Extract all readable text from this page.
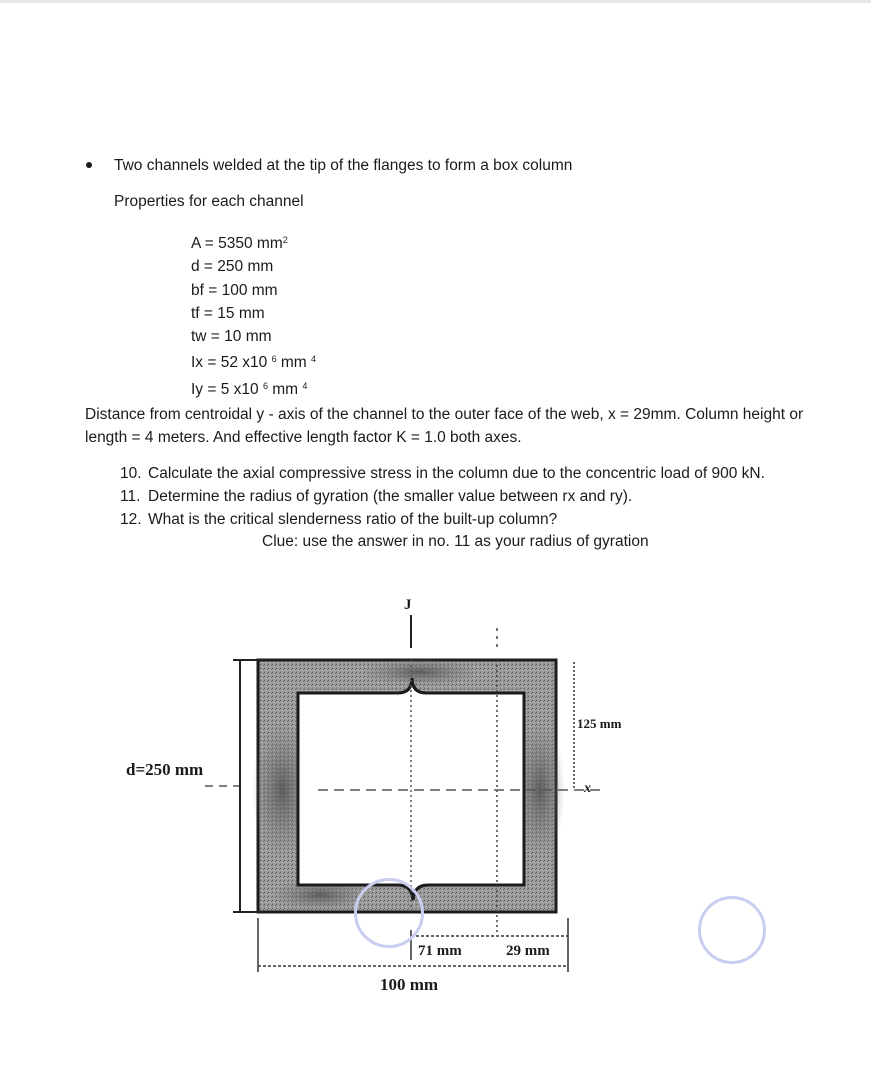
Two channels welded at the tip of the flanges to form a box column
Properties for each channel
A = 5350 $mm^2$
d = 250 mm
bf = 100 mm
tf = 15 mm
tw = 10 mm
Ix = 52 x10 $^6$ mm $^4$
Iy = 5 x10 $^6$ mm $^4$
Distance from centroidal y - axis of the channel to the outer face of the web, x = 29mm. Column height or length = 4 meters. And effective length factor K = 1.0 both axes.
10. Calculate the axial compressive stress in the column due to the concentric load of 900 kN.
11. Determine the radius of gyration (the smaller value between rx and ry).
12. What is the critical slenderness ratio of the built-up column?
Clue: use the answer in no. 11 as your radius of gyration
J
x
d=250 mm
125 mm
71 mm	29 mm
100 mm
